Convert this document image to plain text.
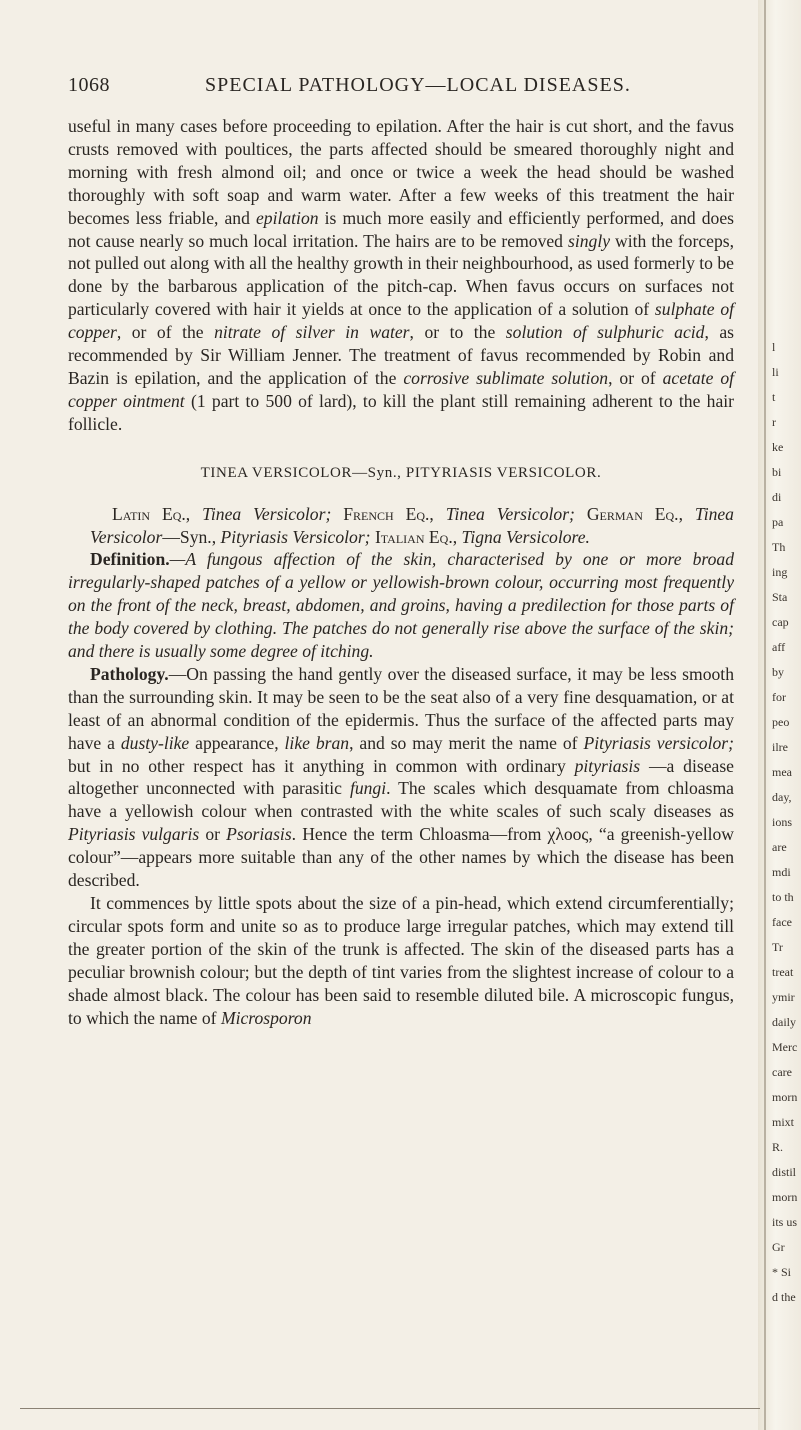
1068	SPECIAL PATHOLOGY—LOCAL DISEASES.

useful in many cases before proceeding to epilation. After the hair is cut short, and the favus crusts removed with poultices, the parts affected should be smeared thoroughly night and morning with fresh almond oil; and once or twice a week the head should be washed thoroughly with soft soap and warm water. After a few weeks of this treatment the hair becomes less friable, and epilation is much more easily and efficiently performed, and does not cause nearly so much local irritation. The hairs are to be removed singly with the forceps, not pulled out along with all the healthy growth in their neighbourhood, as used formerly to be done by the barbarous application of the pitch-cap. When favus occurs on surfaces not particularly covered with hair it yields at once to the application of a solution of sulphate of copper, or of the nitrate of silver in water, or to the solution of sulphuric acid, as recommended by Sir William Jenner. The treatment of favus recommended by Robin and Bazin is epilation, and the application of the corrosive sublimate solution, or of acetate of copper ointment (1 part to 500 of lard), to kill the plant still remaining adherent to the hair follicle.

TINEA VERSICOLOR—Syn., PITYRIASIS VERSICOLOR.

Latin Eq., Tinea Versicolor; French Eq., Tinea Versicolor; German Eq., Tinea Versicolor—Syn., Pityriasis Versicolor; Italian Eq., Tigna Versicolore.

Definition.—A fungous affection of the skin, characterised by one or more broad irregularly-shaped patches of a yellow or yellowish-brown colour, occurring most frequently on the front of the neck, breast, abdomen, and groins, having a predilection for those parts of the body covered by clothing. The patches do not generally rise above the surface of the skin; and there is usually some degree of itching.

Pathology.—On passing the hand gently over the diseased surface, it may be less smooth than the surrounding skin. It may be seen to be the seat also of a very fine desquamation, or at least of an abnormal condition of the epidermis. Thus the surface of the affected parts may have a dusty-like appearance, like bran, and so may merit the name of Pityriasis versicolor; but in no other respect has it anything in common with ordinary pityriasis —a disease altogether unconnected with parasitic fungi. The scales which desquamate from chloasma have a yellowish colour when contrasted with the white scales of such scaly diseases as Pityriasis vulgaris or Psoriasis. Hence the term Chloasma—from χλοος, “a greenish-yellow colour”—appears more suitable than any of the other names by which the disease has been described.

It commences by little spots about the size of a pin-head, which extend circumferentially; circular spots form and unite so as to produce large irregular patches, which may extend till the greater portion of the skin of the trunk is affected. The skin of the diseased parts has a peculiar brownish colour; but the depth of tint varies from the slightest increase of colour to a shade almost black. The colour has been said to resemble diluted bile. A microscopic fungus, to which the name of Microsporon

l
li
t
r
ke
bi
di
pa
Th
ing
Sta
cap
aff
by
for
peo
ilre
mea
day,
ions
are
mdi
to th
face
Tr
treat
ymir
daily
Merc
care
morn
mixt
R.
distil
morn
its us
Gr
* Si
d the
